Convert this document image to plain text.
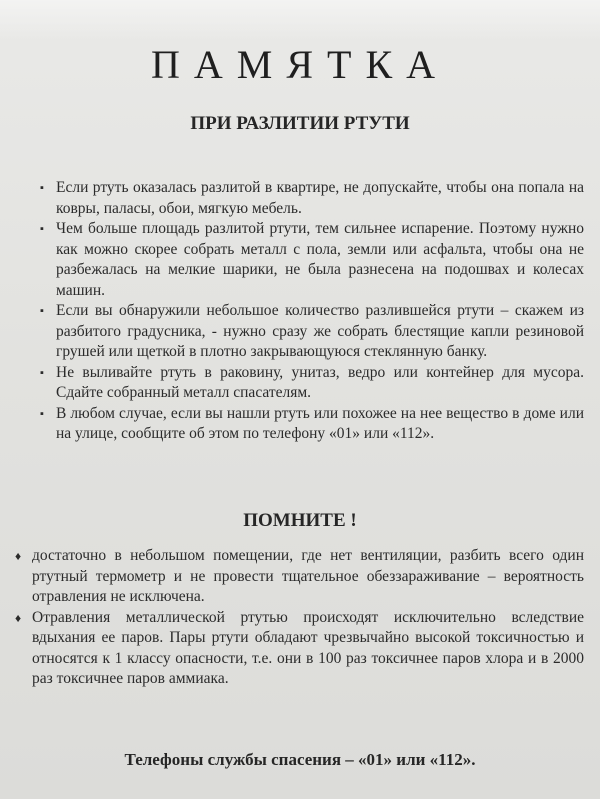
ПАМЯТКА
ПРИ РАЗЛИТИИ РТУТИ
▪ Если ртуть оказалась разлитой в квартире, не допускайте, чтобы она попала на ковры, паласы, обои, мягкую мебель.
▪ Чем больше площадь разлитой ртути, тем сильнее испарение. Поэтому нужно как можно скорее собрать металл с пола, земли или асфальта, чтобы она не разбежалась на мелкие шарики, не была разнесена на подошвах и колесах машин.
▪ Если вы обнаружили небольшое количество разлившейся ртути – скажем из разбитого градусника, - нужно сразу же собрать блестящие капли резиновой грушей или щеткой в плотно закрывающуюся стеклянную банку.
▪ Не выливайте ртуть в раковину, унитаз, ведро или контейнер для мусора. Сдайте собранный металл спасателям.
▪ В любом случае, если вы нашли ртуть или похожее на нее вещество в доме или на улице, сообщите об этом по телефону «01» или «112».
ПОМНИТЕ !
♦ достаточно в небольшом помещении, где нет вентиляции, разбить всего один ртутный термометр и не провести тщательное обеззараживание – вероятность отравления не исключена.
♦ Отравления металлической ртутью происходят исключительно вследствие вдыхания ее паров. Пары ртути обладают чрезвычайно высокой токсичностью и относятся к 1 классу опасности, т.е. они в 100 раз токсичнее паров хлора и в 2000 раз токсичнее паров аммиака.

Телефоны службы спасения – «01» или «112».
